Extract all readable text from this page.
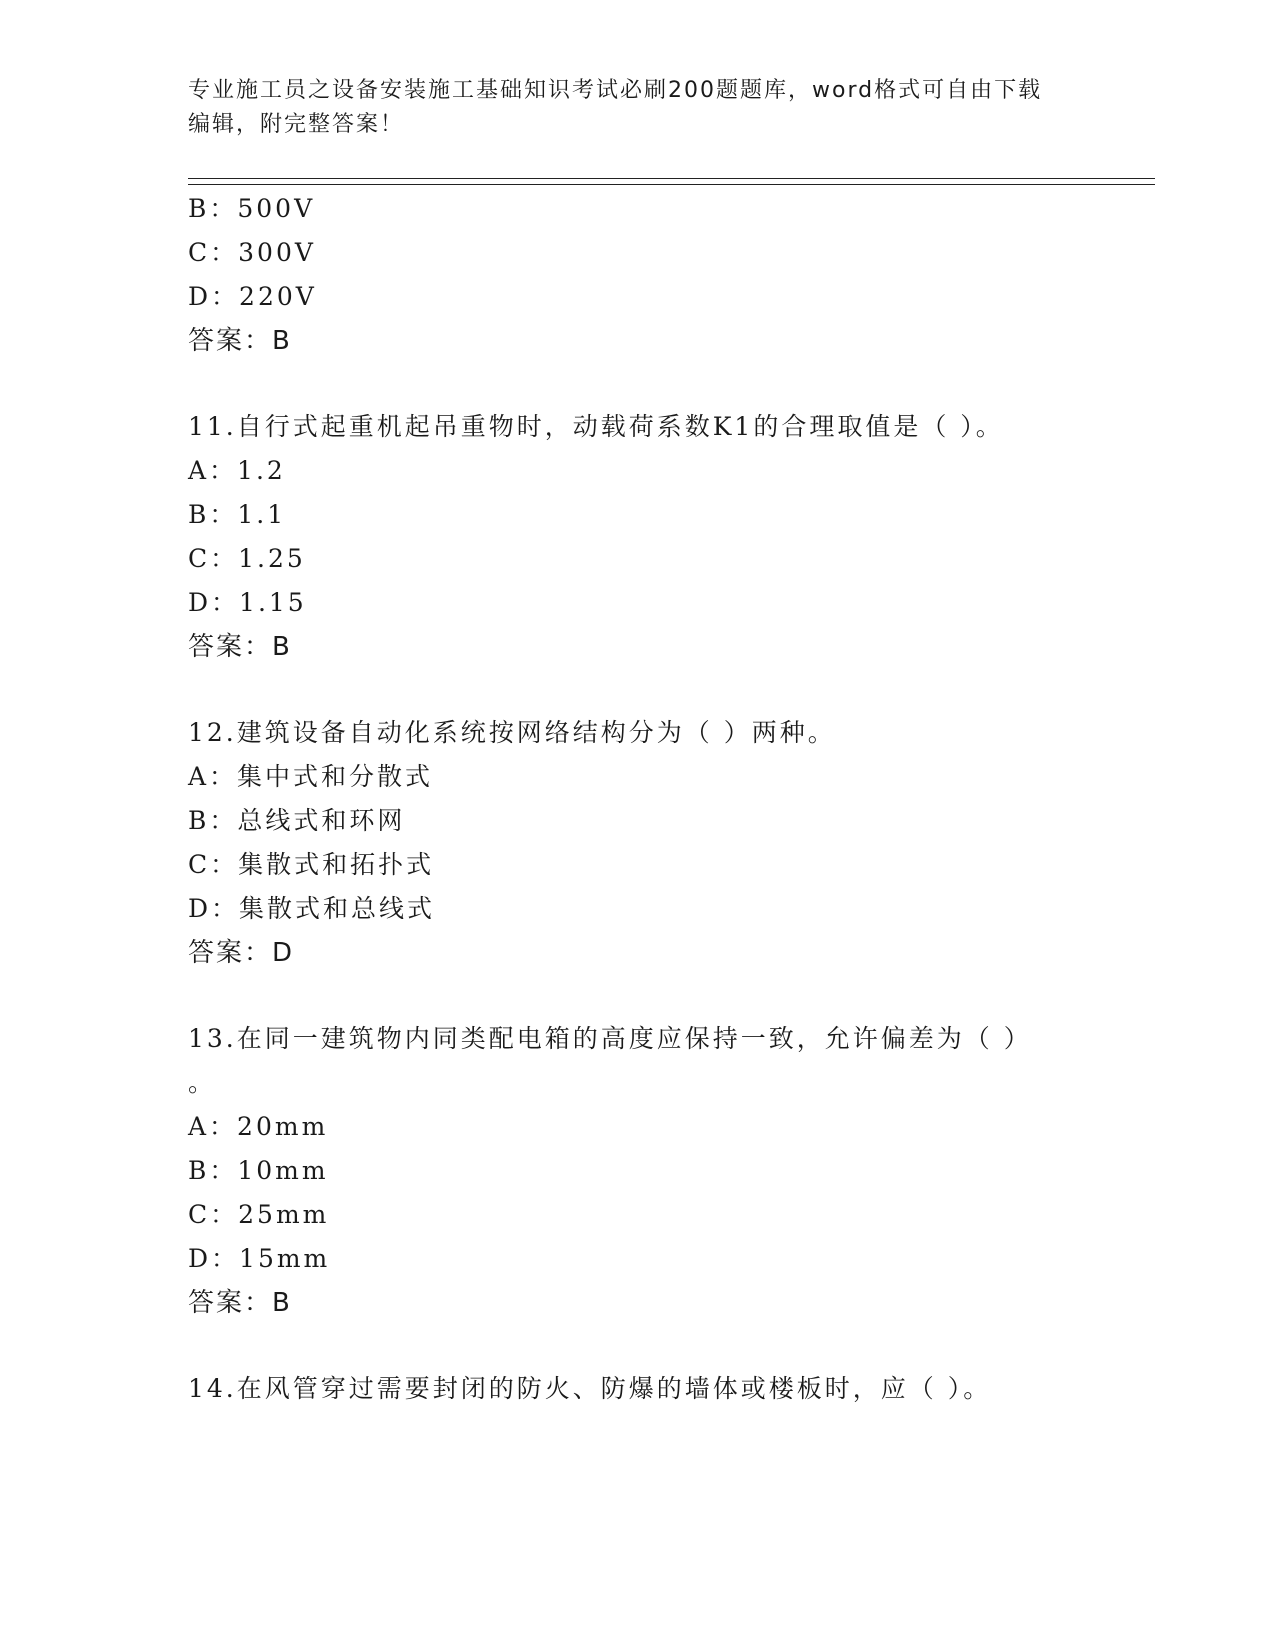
专业施工员之设备安装施工基础知识考试必刷200题题库，word格式可自由下载
编辑，附完整答案！
B：500V
C：300V
D：220V
答案：B
11.自行式起重机起吊重物时，动载荷系数K1的合理取值是（ ）。
A：1.2
B：1.1
C：1.25
D：1.15
答案：B
12.建筑设备自动化系统按网络结构分为（ ）两种。
A：集中式和分散式
B：总线式和环网
C：集散式和拓扑式
D：集散式和总线式
答案：D
13.在同一建筑物内同类配电箱的高度应保持一致，允许偏差为（ ）
。
A：20mm
B：10mm
C：25mm
D：15mm
答案：B
14.在风管穿过需要封闭的防火、防爆的墙体或楼板时，应（ ）。
